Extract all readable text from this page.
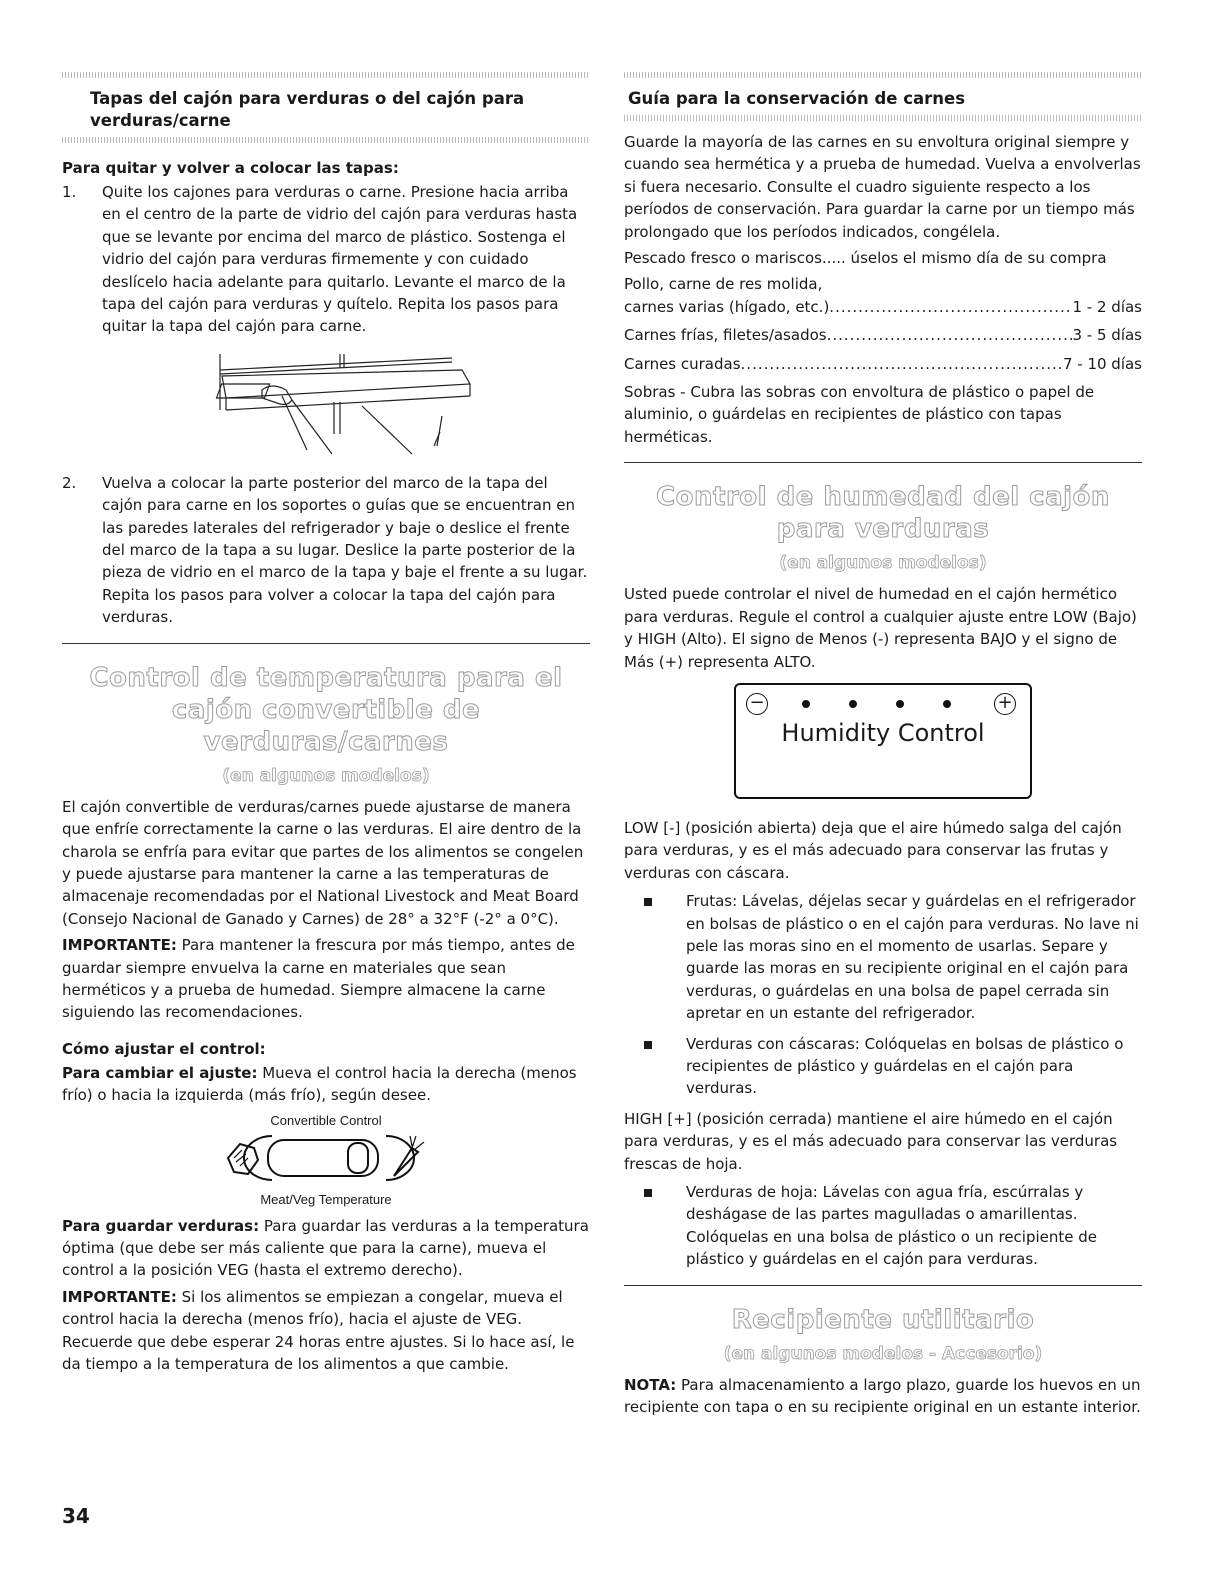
Tapas del cajón para verduras o del cajón para verduras/carne
Para quitar y volver a colocar las tapas:
1. Quite los cajones para verduras o carne. Presione hacia arriba en el centro de la parte de vidrio del cajón para verduras hasta que se levante por encima del marco de plástico. Sostenga el vidrio del cajón para verduras firmemente y con cuidado deslícelo hacia adelante para quitarlo. Levante el marco de la tapa del cajón para verduras y quítelo. Repita los pasos para quitar la tapa del cajón para carne.
2. Vuelva a colocar la parte posterior del marco de la tapa del cajón para carne en los soportes o guías que se encuentran en las paredes laterales del refrigerador y baje o deslice el frente del marco de la tapa a su lugar. Deslice la parte posterior de la pieza de vidrio en el marco de la tapa y baje el frente a su lugar. Repita los pasos para volver a colocar la tapa del cajón para verduras.
Control de temperatura para el cajón convertible de verduras/carnes
(en algunos modelos)

El cajón convertible de verduras/carnes puede ajustarse de manera que enfríe correctamente la carne o las verduras. El aire dentro de la charola se enfría para evitar que partes de los alimentos se congelen y puede ajustarse para mantener la carne a las temperaturas de almacenaje recomendadas por el National Livestock and Meat Board (Consejo Nacional de Ganado y Carnes) de 28° a 32°F (-2° a 0°C).

IMPORTANTE: Para mantener la frescura por más tiempo, antes de guardar siempre envuelva la carne en materiales que sean herméticos y a prueba de humedad. Siempre almacene la carne siguiendo las recomendaciones.

Cómo ajustar el control:

Para cambiar el ajuste: Mueva el control hacia la derecha (menos frío) o hacia la izquierda (más frío), según desee.

Convertible Control
Meat/Veg Temperature

Para guardar verduras: Para guardar las verduras a la temperatura óptima (que debe ser más caliente que para la carne), mueva el control a la posición VEG (hasta el extremo derecho).

IMPORTANTE: Si los alimentos se empiezan a congelar, mueva el control hacia la derecha (menos frío), hacia el ajuste de VEG. Recuerde que debe esperar 24 horas entre ajustes. Si lo hace así, le da tiempo a la temperatura de los alimentos a que cambie.

Guía para la conservación de carnes

Guarde la mayoría de las carnes en su envoltura original siempre y cuando sea hermética y a prueba de humedad. Vuelva a envolverlas si fuera necesario. Consulte el cuadro siguiente respecto a los períodos de conservación. Para guardar la carne por un tiempo más prolongado que los períodos indicados, congélela.

Pescado fresco o mariscos..... úselos el mismo día de su compra

Pollo, carne de res molida,

carnes varias (hígado, etc.) .....	1 - 2 días
Carnes frías, filetes/asados .....	3 - 5 días
Carnes curadas .....	7 - 10 días

Sobras - Cubra las sobras con envoltura de plástico o papel de aluminio, o guárdelas en recipientes de plástico con tapas herméticas.

Control de humedad del cajón para verduras
(en algunos modelos)

Usted puede controlar el nivel de humedad en el cajón hermético para verduras. Regule el control a cualquier ajuste entre LOW (Bajo) y HIGH (Alto). El signo de Menos (-) representa BAJO y el signo de Más (+) representa ALTO.

−	+
Humidity Control

LOW [-] (posición abierta) deja que el aire húmedo salga del cajón para verduras, y es el más adecuado para conservar las frutas y verduras con cáscara.

Frutas: Lávelas, déjelas secar y guárdelas en el refrigerador en bolsas de plástico o en el cajón para verduras. No lave ni pele las moras sino en el momento de usarlas. Separe y guarde las moras en su recipiente original en el cajón para verduras, o guárdelas en una bolsa de papel cerrada sin apretar en un estante del refrigerador.
Verduras con cáscaras: Colóquelas en bolsas de plástico o recipientes de plástico y guárdelas en el cajón para verduras.

HIGH [+] (posición cerrada) mantiene el aire húmedo en el cajón para verduras, y es el más adecuado para conservar las verduras frescas de hoja.

Verduras de hoja: Lávelas con agua fría, escúrralas y deshágase de las partes magulladas o amarillentas. Colóquelas en una bolsa de plástico o un recipiente de plástico y guárdelas en el cajón para verduras.
Recipiente utilitario
(en algunos modelos - Accesorio)

NOTA: Para almacenamiento a largo plazo, guarde los huevos en un recipiente con tapa o en su recipiente original en un estante interior.

34
